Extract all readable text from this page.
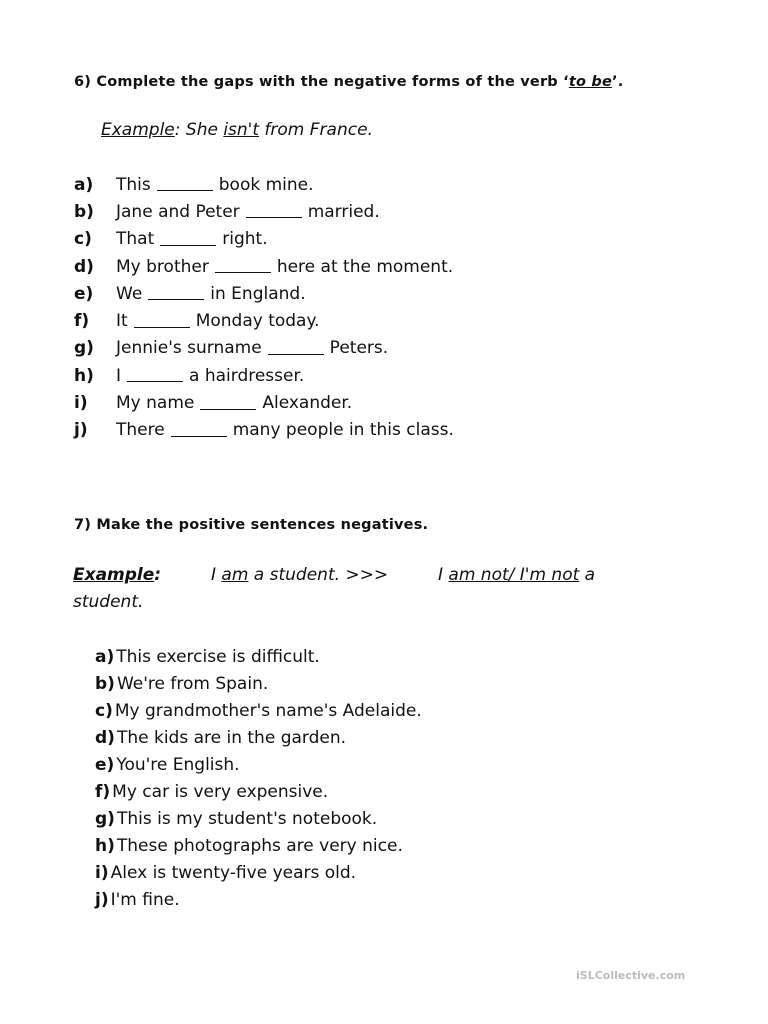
6) Complete the gaps with the negative forms of the verb ‘to be’.
Example: She isn't from France.
a)	This	book mine.
b)	Jane and Peter	married.
c)	That	right.
d)	My brother	here at the moment.
e)	We	in England.
f)	It	Monday today.
g)	Jennie's surname	Peters.
h)	I	a hairdresser.
i)	My name	Alexander.
j)	There	many people in this class.
7) Make the positive sentences negatives.
Example:	I am a student. >>>	I am not/ I'm not a
student.
a) This exercise is difficult.
b) We're from Spain.
c) My grandmother's name's Adelaide.
d) The kids are in the garden.
e) You're English.
f) My car is very expensive.
g) This is my student's notebook.
h) These photographs are very nice.
i) Alex is twenty-five years old.
j) I'm fine.
iSLCollective.com
